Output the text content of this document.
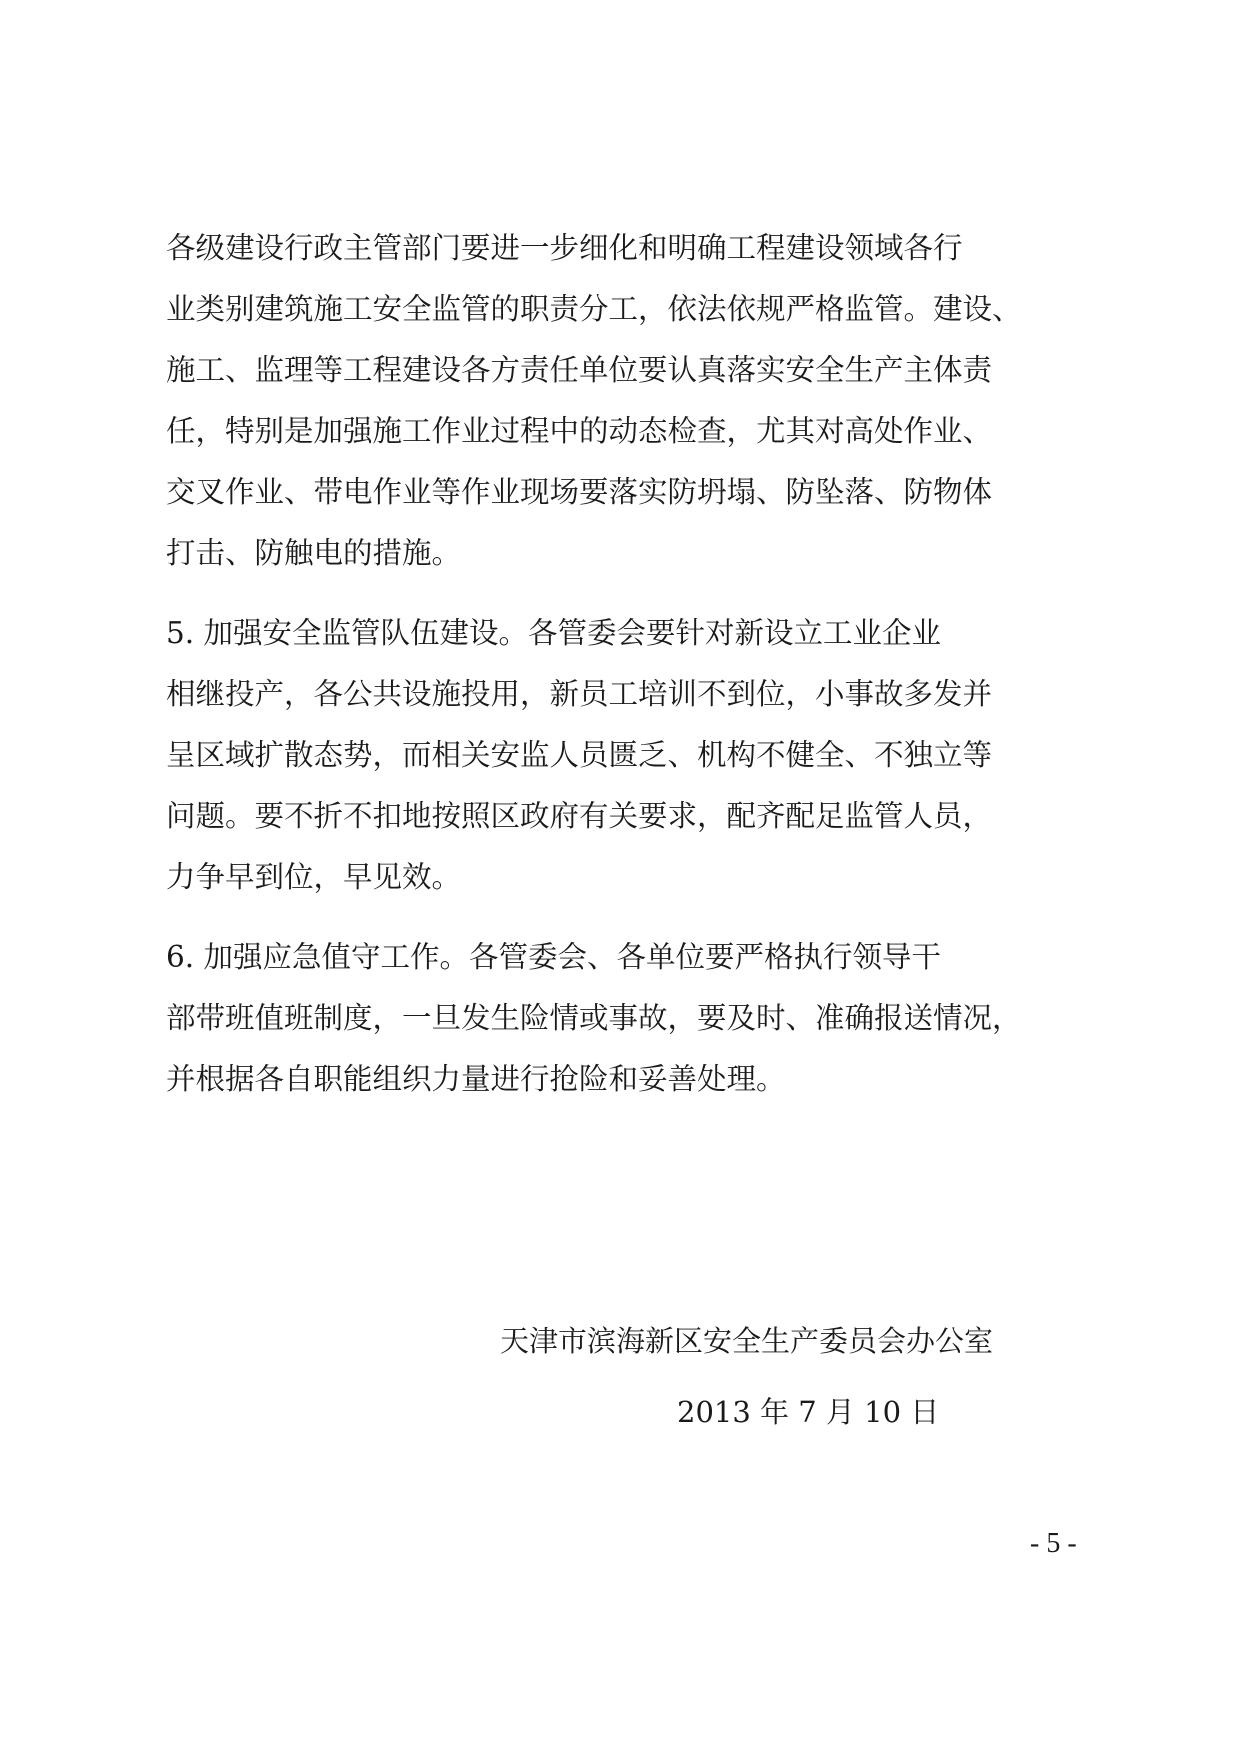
各级建设行政主管部门要进一步细化和明确工程建设领域各行
业类别建筑施工安全监管的职责分工，依法依规严格监管。建设、
施工、监理等工程建设各方责任单位要认真落实安全生产主体责
任，特别是加强施工作业过程中的动态检查，尤其对高处作业、
交叉作业、带电作业等作业现场要落实防坍塌、防坠落、防物体
打击、防触电的措施。
5. 加强安全监管队伍建设。各管委会要针对新设立工业企业
相继投产，各公共设施投用，新员工培训不到位，小事故多发并
呈区域扩散态势，而相关安监人员匮乏、机构不健全、不独立等
问题。要不折不扣地按照区政府有关要求，配齐配足监管人员，
力争早到位，早见效。
6. 加强应急值守工作。各管委会、各单位要严格执行领导干
部带班值班制度，一旦发生险情或事故，要及时、准确报送情况，
并根据各自职能组织力量进行抢险和妥善处理。
天津市滨海新区安全生产委员会办公室
2013 年 7 月 10 日
- 5 -
